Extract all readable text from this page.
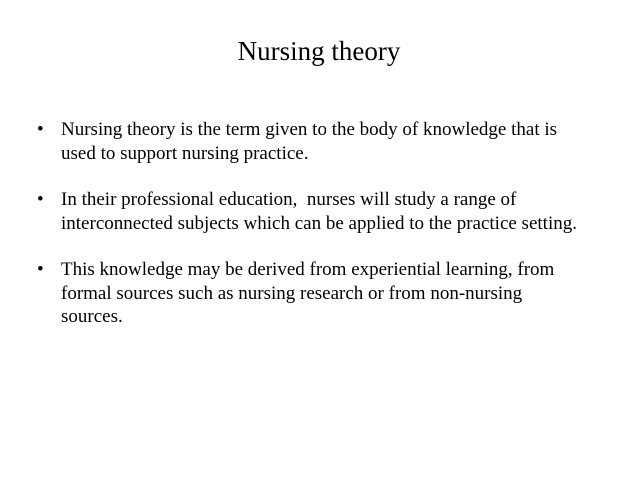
Nursing theory
• Nursing theory is the term given to the body of knowledge that is used to support nursing practice.
• In their professional education,  nurses will study a range of interconnected subjects which can be applied to the practice setting.
• This knowledge may be derived from experiential learning, from formal sources such as nursing research or from non-nursing sources.
